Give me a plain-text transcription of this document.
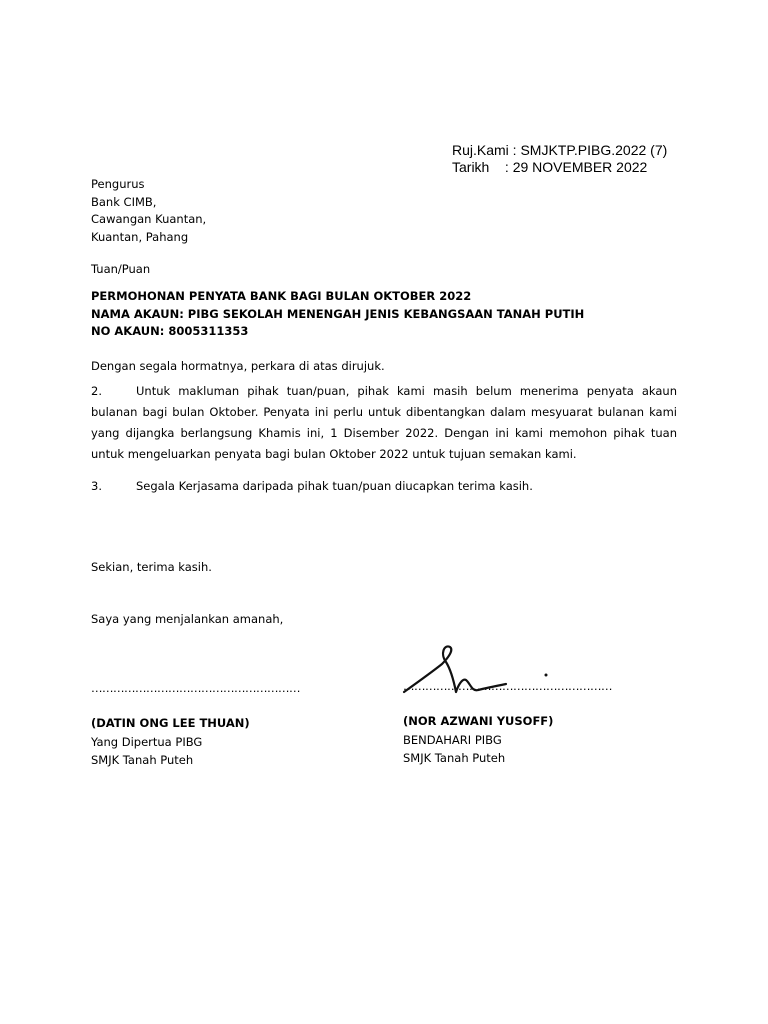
Ruj.Kami : SMJKTP.PIBG.2022 (7)
Tarikh    : 29 NOVEMBER 2022
Pengurus
Bank CIMB,
Cawangan Kuantan,
Kuantan, Pahang
Tuan/Puan
PERMOHONAN PENYATA BANK BAGI BULAN OKTOBER 2022
NAMA AKAUN: PIBG SEKOLAH MENENGAH JENIS KEBANGSAAN TANAH PUTIH
NO AKAUN: 8005311353
Dengan segala hormatnya, perkara di atas dirujuk.
2.	Untuk makluman pihak tuan/puan, pihak kami masih belum menerima penyata akaun bulanan bagi bulan Oktober. Penyata ini perlu untuk dibentangkan dalam mesyuarat bulanan kami yang dijangka berlangsung Khamis ini, 1 Disember 2022. Dengan ini kami memohon pihak tuan untuk mengeluarkan penyata bagi bulan Oktober 2022 untuk tujuan semakan kami.
3.	Segala Kerjasama daripada pihak tuan/puan diucapkan terima kasih.
Sekian, terima kasih.
Saya yang menjalankan amanah,
…………………………………………………	…………………………………………………
(DATIN ONG LEE THUAN)
Yang Dipertua PIBG
SMJK Tanah Puteh
(NOR AZWANI YUSOFF)
BENDAHARI PIBG
SMJK Tanah Puteh
